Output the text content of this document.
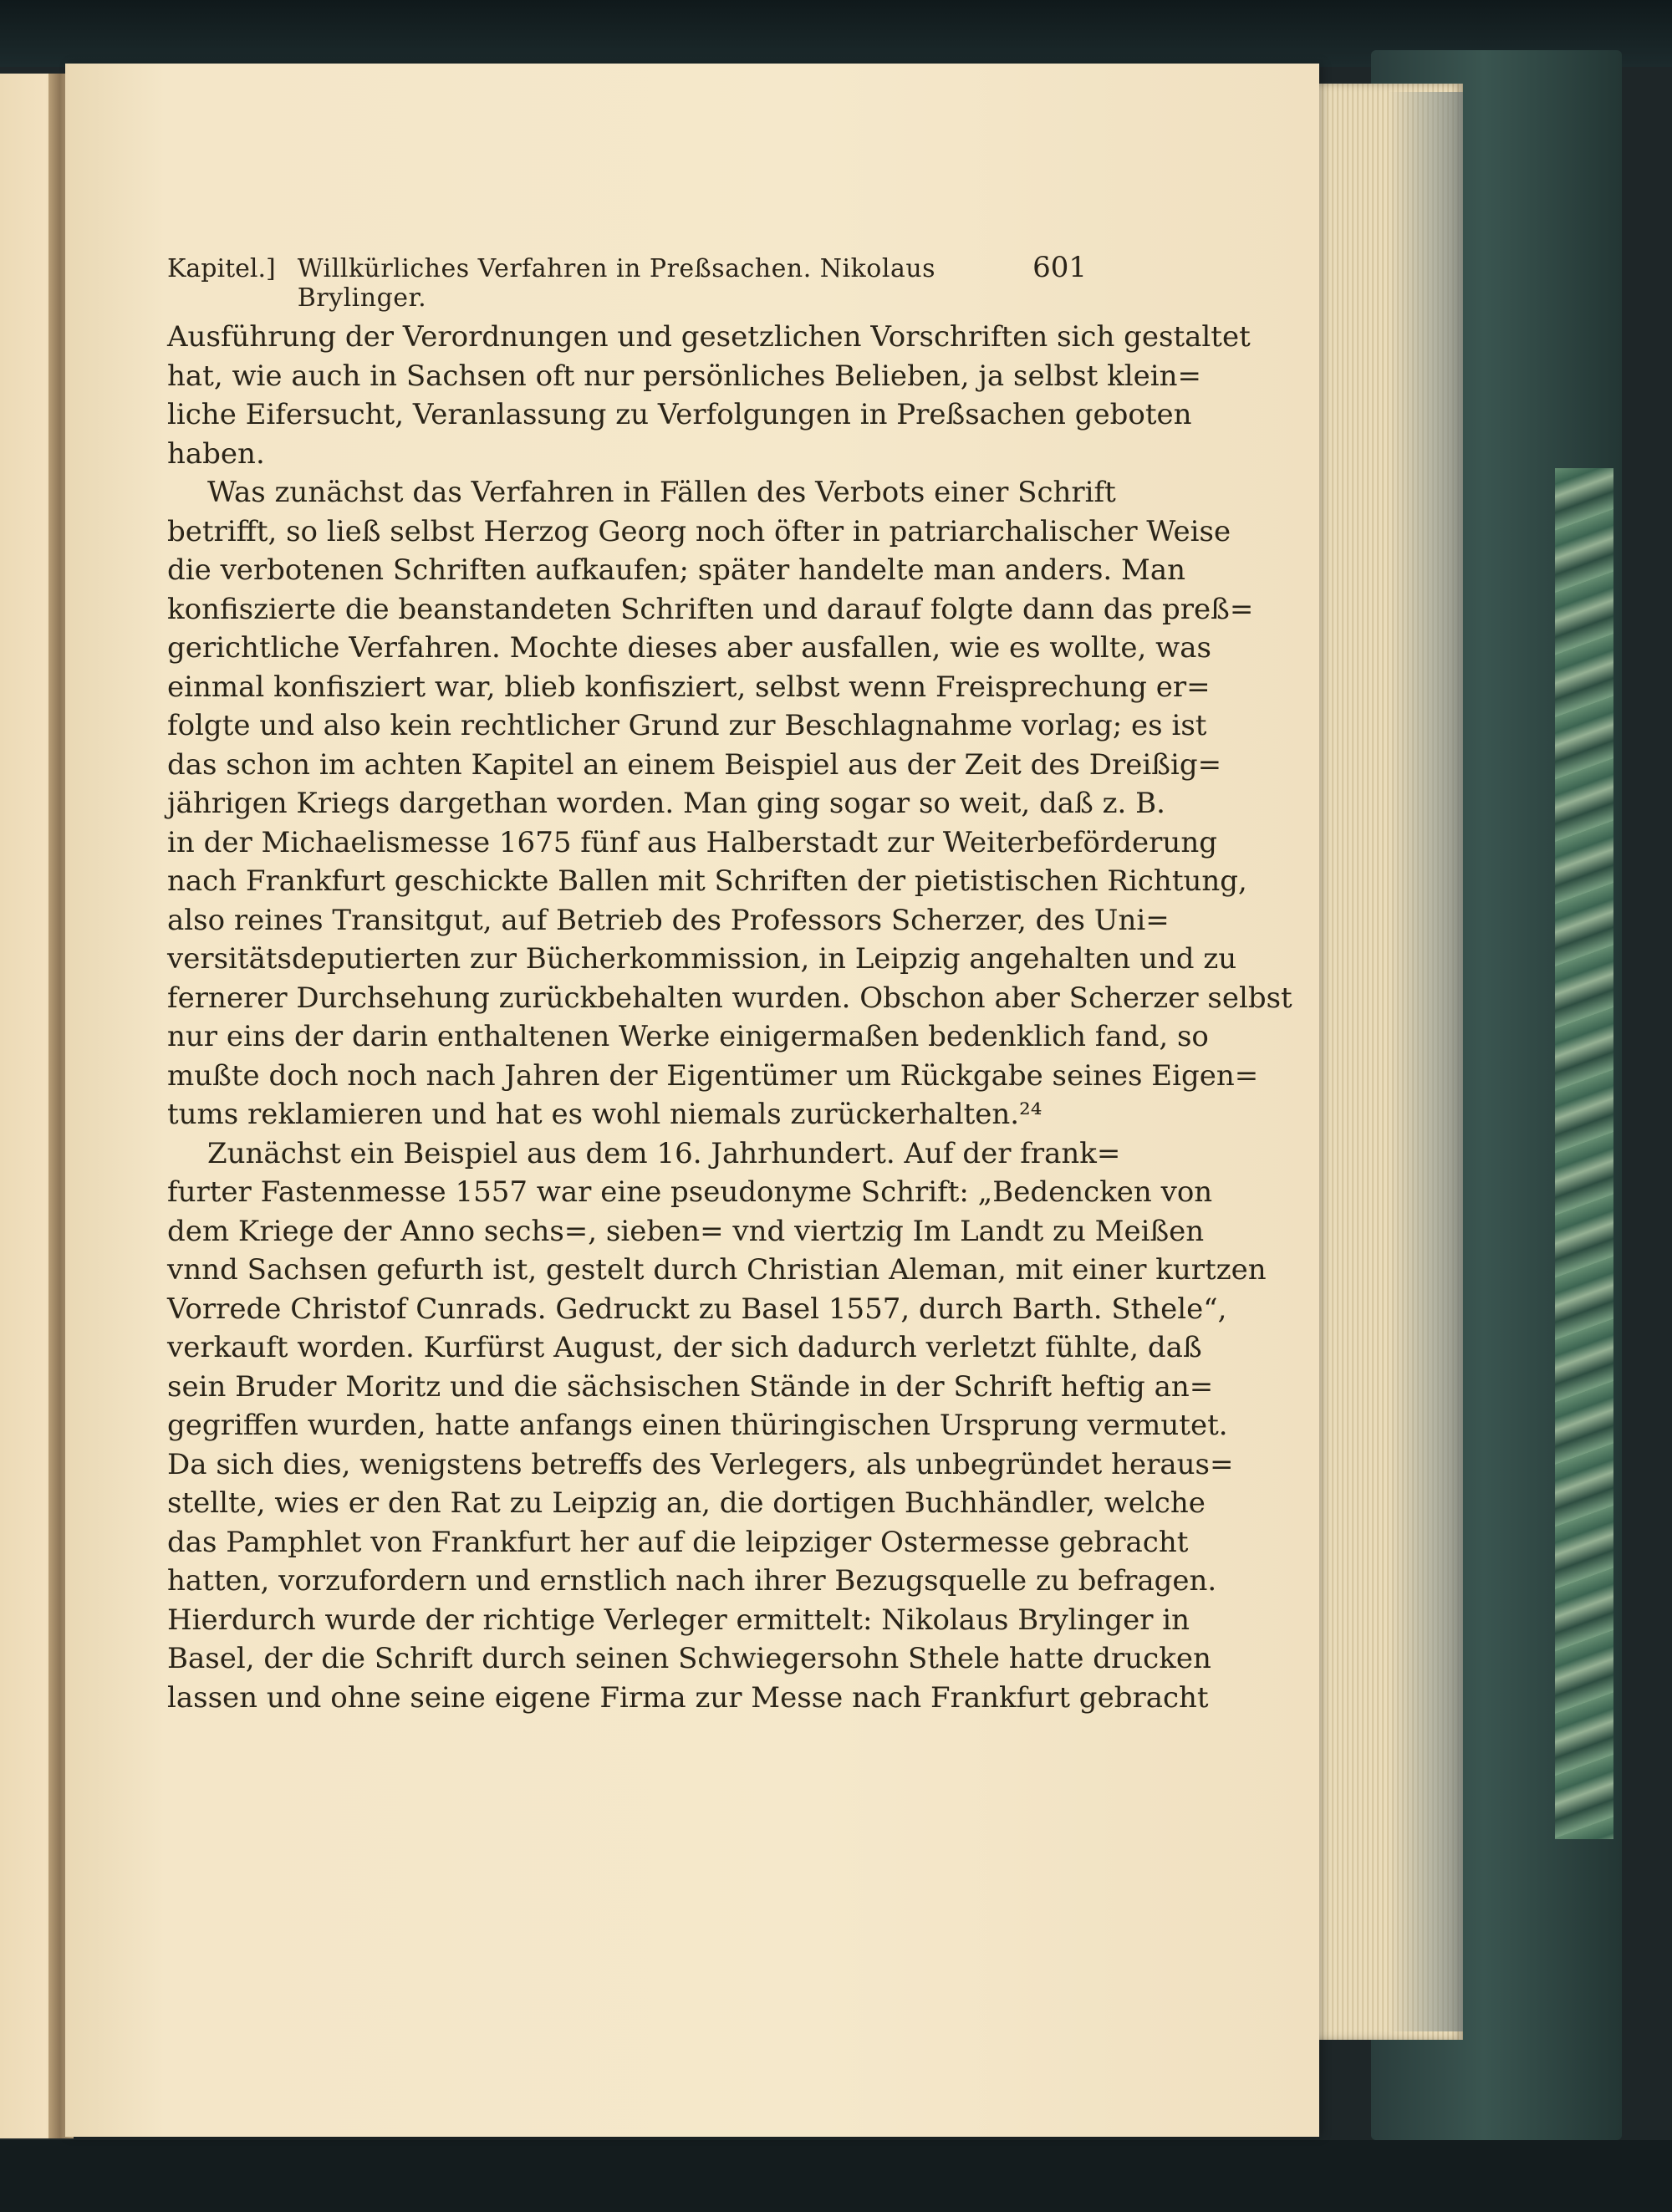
Kapitel.] Willkürliches Verfahren in Preßsachen. Nikolaus Brylinger.
601
Ausführung der Verordnungen und gesetzlichen Vorschriften sich gestaltet
hat, wie auch in Sachsen oft nur persönliches Belieben, ja selbst klein=
liche Eifersucht, Veranlassung zu Verfolgungen in Preßsachen geboten
haben.
Was zunächst das Verfahren in Fällen des Verbots einer Schrift
betrifft, so ließ selbst Herzog Georg noch öfter in patriarchalischer Weise
die verbotenen Schriften aufkaufen; später handelte man anders. Man
konfiszierte die beanstandeten Schriften und darauf folgte dann das preß=
gerichtliche Verfahren. Mochte dieses aber ausfallen, wie es wollte, was
einmal konfisziert war, blieb konfisziert, selbst wenn Freisprechung er=
folgte und also kein rechtlicher Grund zur Beschlagnahme vorlag; es ist
das schon im achten Kapitel an einem Beispiel aus der Zeit des Dreißig=
jährigen Kriegs dargethan worden. Man ging sogar so weit, daß z. B.
in der Michaelismesse 1675 fünf aus Halberstadt zur Weiterbeförderung
nach Frankfurt geschickte Ballen mit Schriften der pietistischen Richtung,
also reines Transitgut, auf Betrieb des Professors Scherzer, des Uni=
versitätsdeputierten zur Bücherkommission, in Leipzig angehalten und zu
fernerer Durchsehung zurückbehalten wurden. Obschon aber Scherzer selbst
nur eins der darin enthaltenen Werke einigermaßen bedenklich fand, so
mußte doch noch nach Jahren der Eigentümer um Rückgabe seines Eigen=
tums reklamieren und hat es wohl niemals zurückerhalten.²⁴
Zunächst ein Beispiel aus dem 16. Jahrhundert. Auf der frank=
furter Fastenmesse 1557 war eine pseudonyme Schrift: „Bedencken von
dem Kriege der Anno sechs=, sieben= vnd viertzig Im Landt zu Meißen
vnnd Sachsen gefurth ist, gestelt durch Christian Aleman, mit einer kurtzen
Vorrede Christof Cunrads. Gedruckt zu Basel 1557, durch Barth. Sthele“,
verkauft worden. Kurfürst August, der sich dadurch verletzt fühlte, daß
sein Bruder Moritz und die sächsischen Stände in der Schrift heftig an=
gegriffen wurden, hatte anfangs einen thüringischen Ursprung vermutet.
Da sich dies, wenigstens betreffs des Verlegers, als unbegründet heraus=
stellte, wies er den Rat zu Leipzig an, die dortigen Buchhändler, welche
das Pamphlet von Frankfurt her auf die leipziger Ostermesse gebracht
hatten, vorzufordern und ernstlich nach ihrer Bezugsquelle zu befragen.
Hierdurch wurde der richtige Verleger ermittelt: Nikolaus Brylinger in
Basel, der die Schrift durch seinen Schwiegersohn Sthele hatte drucken
lassen und ohne seine eigene Firma zur Messe nach Frankfurt gebracht
